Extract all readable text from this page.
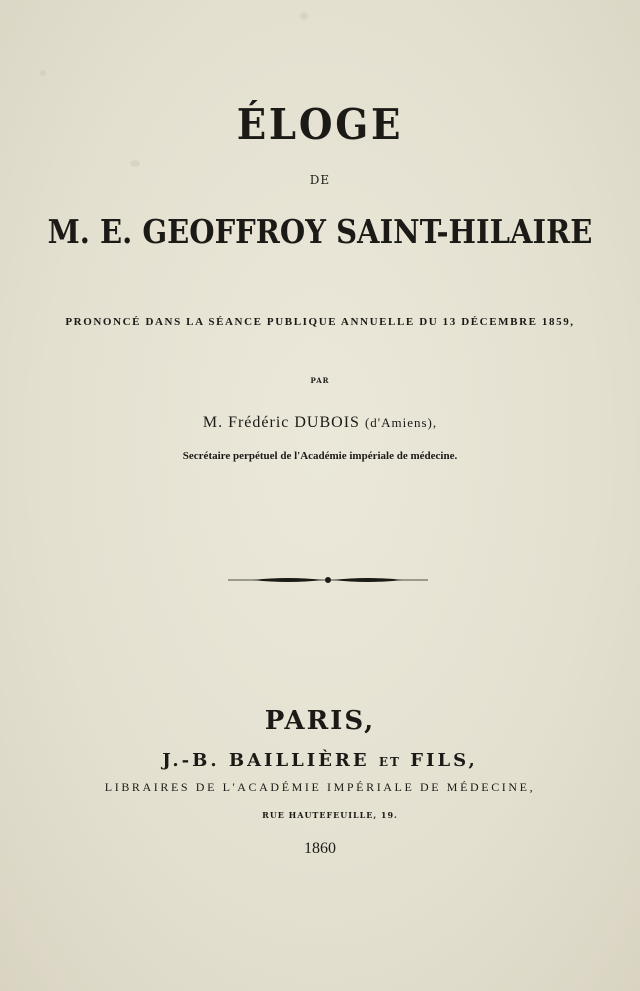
ÉLOGE
DE
M. E. GEOFFROY SAINT-HILAIRE
PRONONCÉ DANS LA SÉANCE PUBLIQUE ANNUELLE DU 13 DÉCEMBRE 1859,
PAR
M. Frédéric DUBOIS (d'Amiens),
Secrétaire perpétuel de l'Académie impériale de médecine.
PARIS,
J.-B. BAILLIÈRE ET FILS,
LIBRAIRES DE L'ACADÉMIE IMPÉRIALE DE MÉDECINE,
RUE HAUTEFEUILLE, 19.
1860
